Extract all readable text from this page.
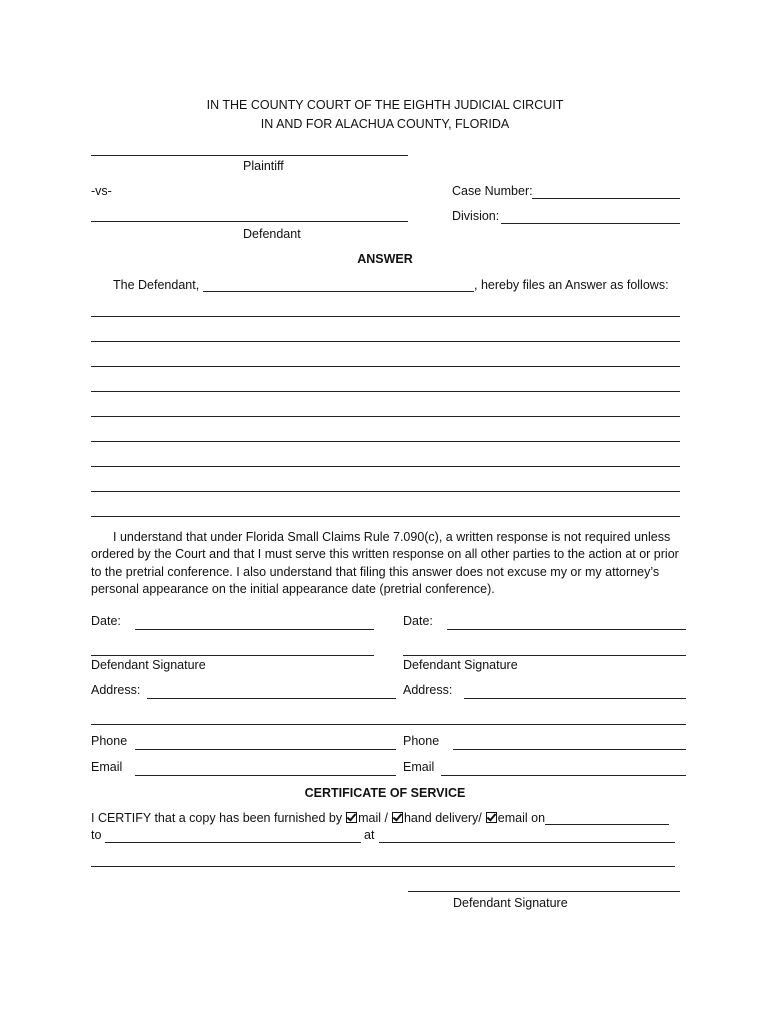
IN THE COUNTY COURT OF THE EIGHTH JUDICIAL CIRCUIT
IN AND FOR ALACHUA COUNTY, FLORIDA
Plaintiff
-vs-
Defendant
Case Number:
Division:
ANSWER
The Defendant,	, hereby files an Answer as follows:
I understand that under Florida Small Claims Rule 7.090(c), a written response is not required unless ordered by the Court and that I must serve this written response on all other parties to the action at or prior to the pretrial conference. I also understand that filing this answer does not excuse my or my attorney’s personal appearance on the initial appearance date (pretrial conference).
Date:
Defendant Signature
Address:
Phone
Email
Date:
Defendant Signature
Address:
Phone
Email
CERTIFICATE OF SERVICE
I CERTIFY that a copy has been furnished by mail / hand delivery/ email on
to	at
Defendant Signature
